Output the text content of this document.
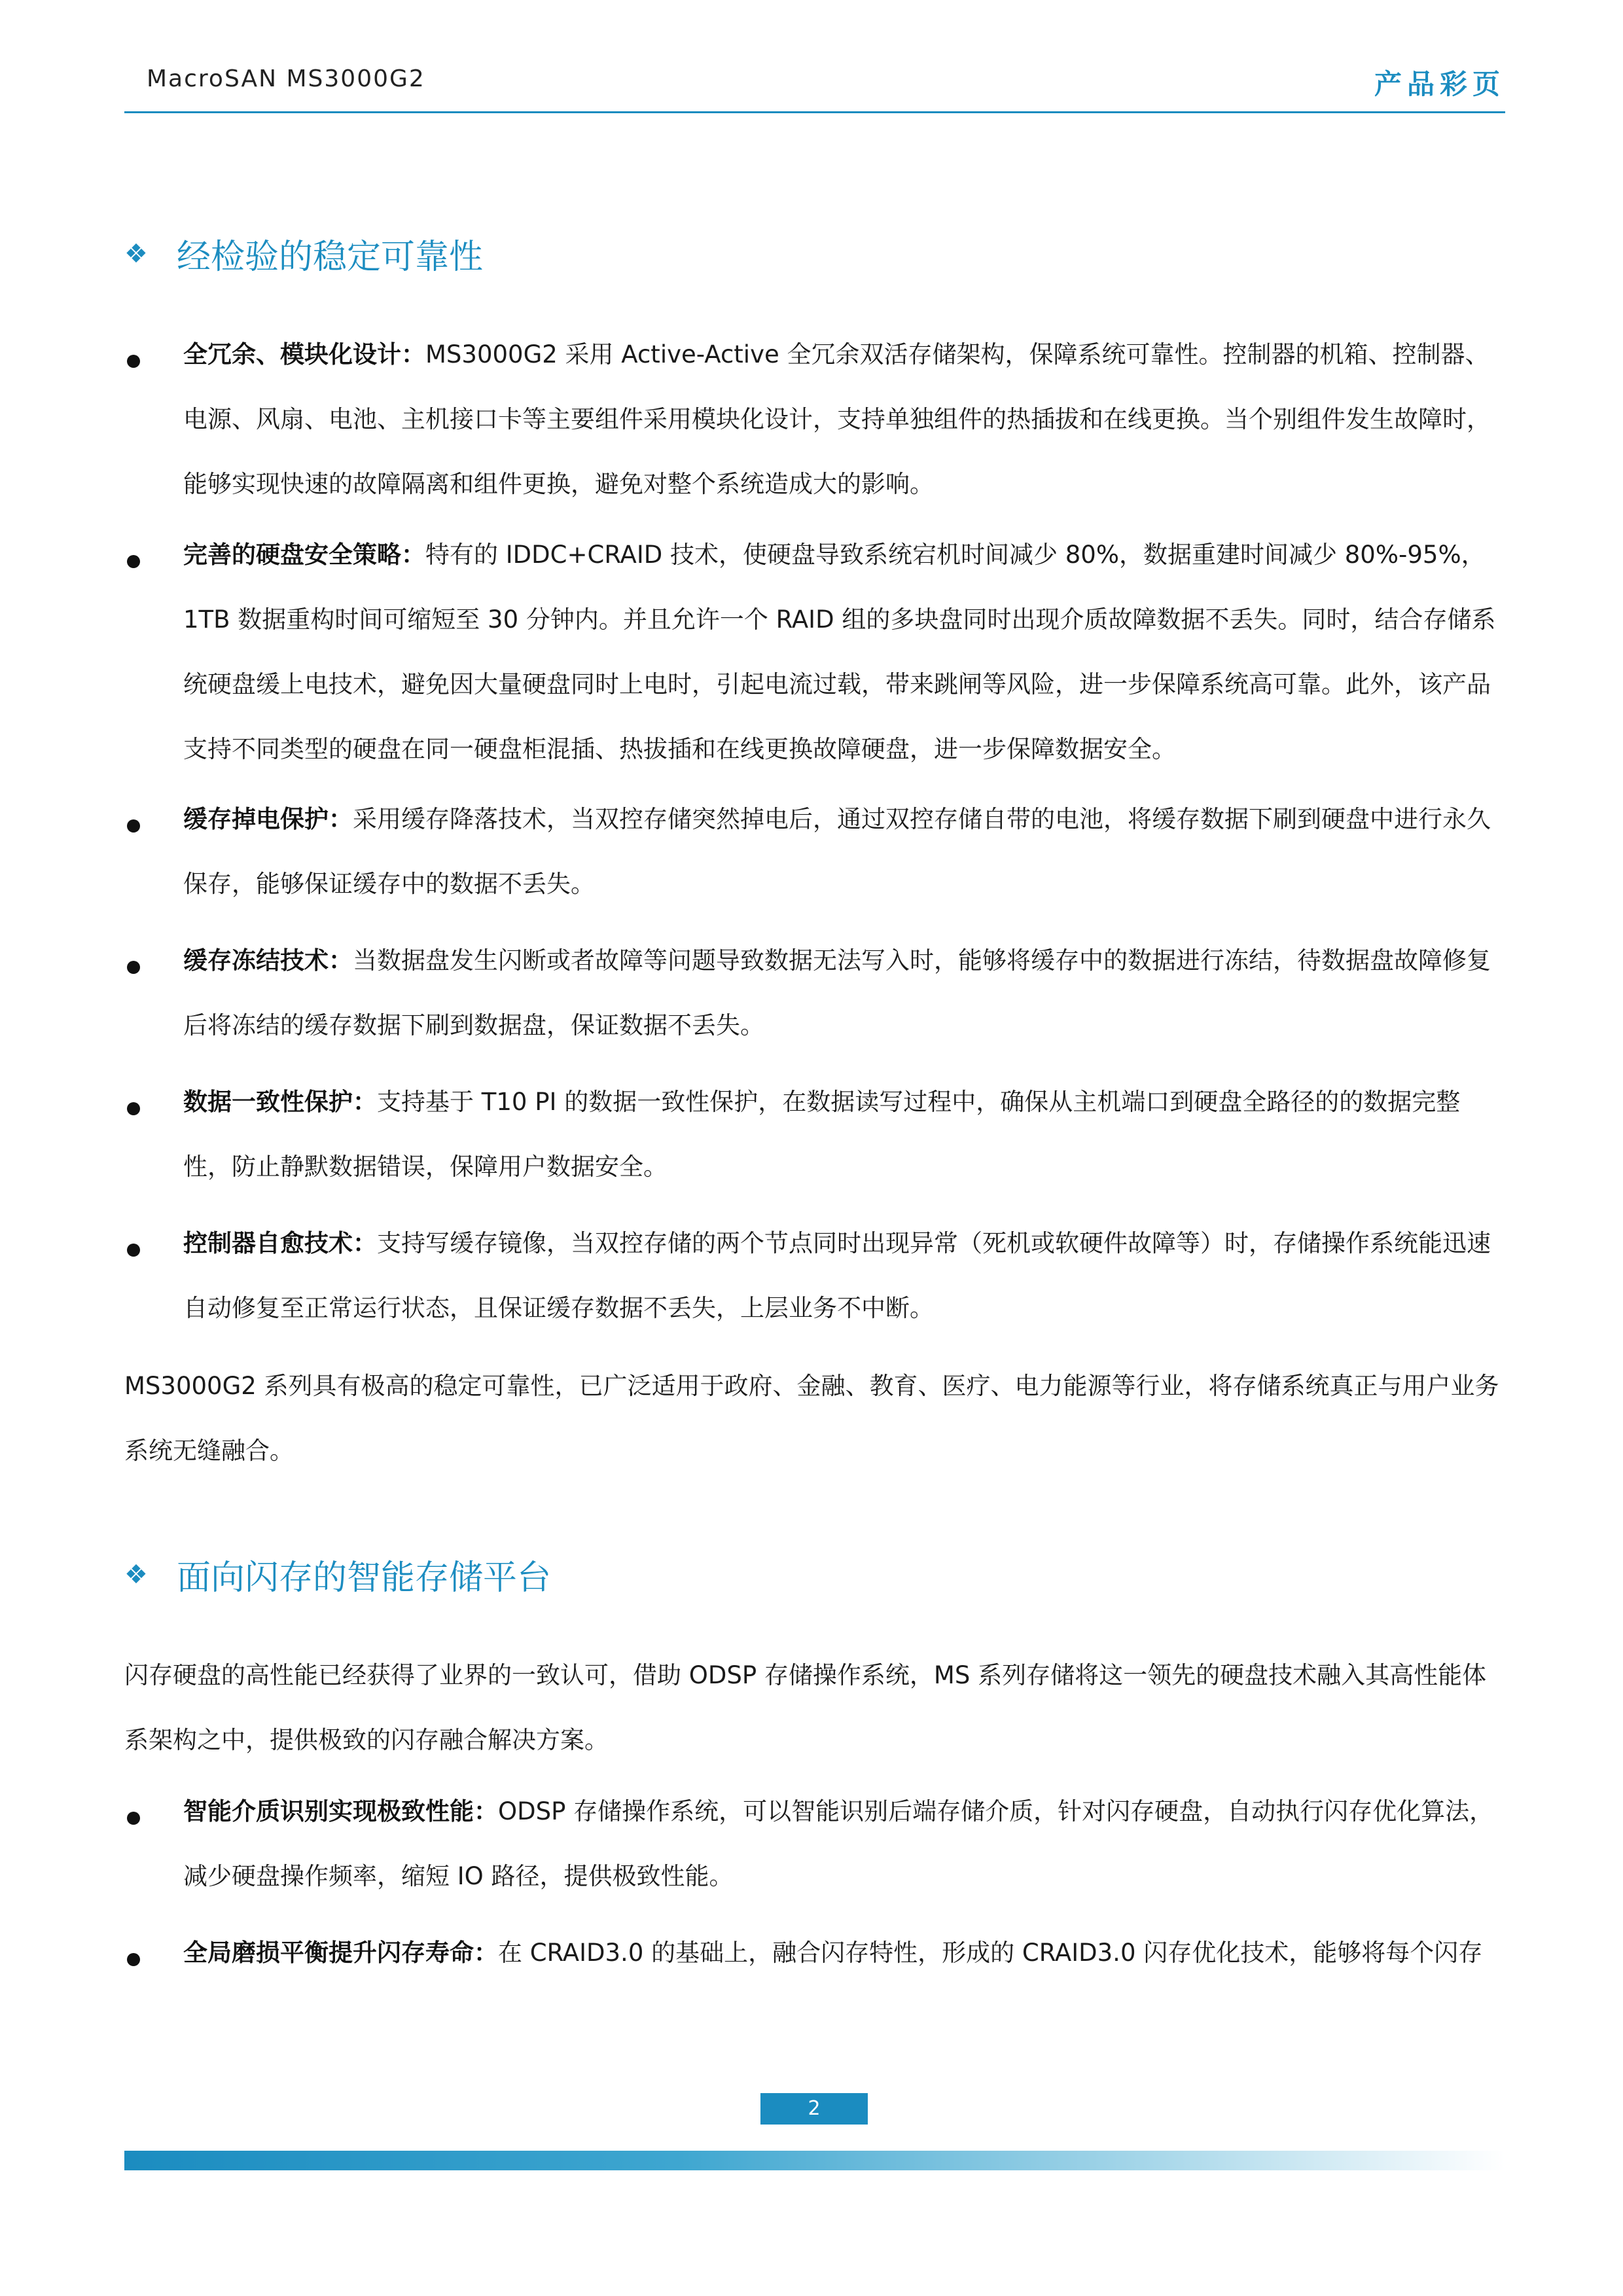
MacroSAN MS3000G2	产品彩页
❖ 经检验的稳定可靠性
全冗余、模块化设计：MS3000G2 采用 Active-Active 全冗余双活存储架构，保障系统可靠性。控制器的机箱、控制器、电源、风扇、电池、主机接口卡等主要组件采用模块化设计，支持单独组件的热插拔和在线更换。当个别组件发生故障时，能够实现快速的故障隔离和组件更换，避免对整个系统造成大的影响。
完善的硬盘安全策略：特有的 IDDC+CRAID 技术，使硬盘导致系统宕机时间减少 80%，数据重建时间减少 80%-95%，1TB 数据重构时间可缩短至 30 分钟内。并且允许一个 RAID 组的多块盘同时出现介质故障数据不丢失。同时，结合存储系统硬盘缓上电技术，避免因大量硬盘同时上电时，引起电流过载，带来跳闸等风险，进一步保障系统高可靠。此外，该产品支持不同类型的硬盘在同一硬盘柜混插、热拔插和在线更换故障硬盘，进一步保障数据安全。
缓存掉电保护：采用缓存降落技术，当双控存储突然掉电后，通过双控存储自带的电池，将缓存数据下刷到硬盘中进行永久保存，能够保证缓存中的数据不丢失。
缓存冻结技术：当数据盘发生闪断或者故障等问题导致数据无法写入时，能够将缓存中的数据进行冻结，待数据盘故障修复后将冻结的缓存数据下刷到数据盘，保证数据不丢失。
数据一致性保护：支持基于 T10 PI 的数据一致性保护，在数据读写过程中，确保从主机端口到硬盘全路径的的数据完整性，防止静默数据错误，保障用户数据安全。
控制器自愈技术：支持写缓存镜像，当双控存储的两个节点同时出现异常（死机或软硬件故障等）时，存储操作系统能迅速自动修复至正常运行状态，且保证缓存数据不丢失，上层业务不中断。
MS3000G2 系列具有极高的稳定可靠性，已广泛适用于政府、金融、教育、医疗、电力能源等行业，将存储系统真正与用户业务系统无缝融合。
❖ 面向闪存的智能存储平台
闪存硬盘的高性能已经获得了业界的一致认可，借助 ODSP 存储操作系统，MS 系列存储将这一领先的硬盘技术融入其高性能体系架构之中，提供极致的闪存融合解决方案。
智能介质识别实现极致性能：ODSP 存储操作系统，可以智能识别后端存储介质，针对闪存硬盘，自动执行闪存优化算法，减少硬盘操作频率，缩短 IO 路径，提供极致性能。
全局磨损平衡提升闪存寿命：在 CRAID3.0 的基础上，融合闪存特性，形成的 CRAID3.0 闪存优化技术，能够将每个闪存
2
